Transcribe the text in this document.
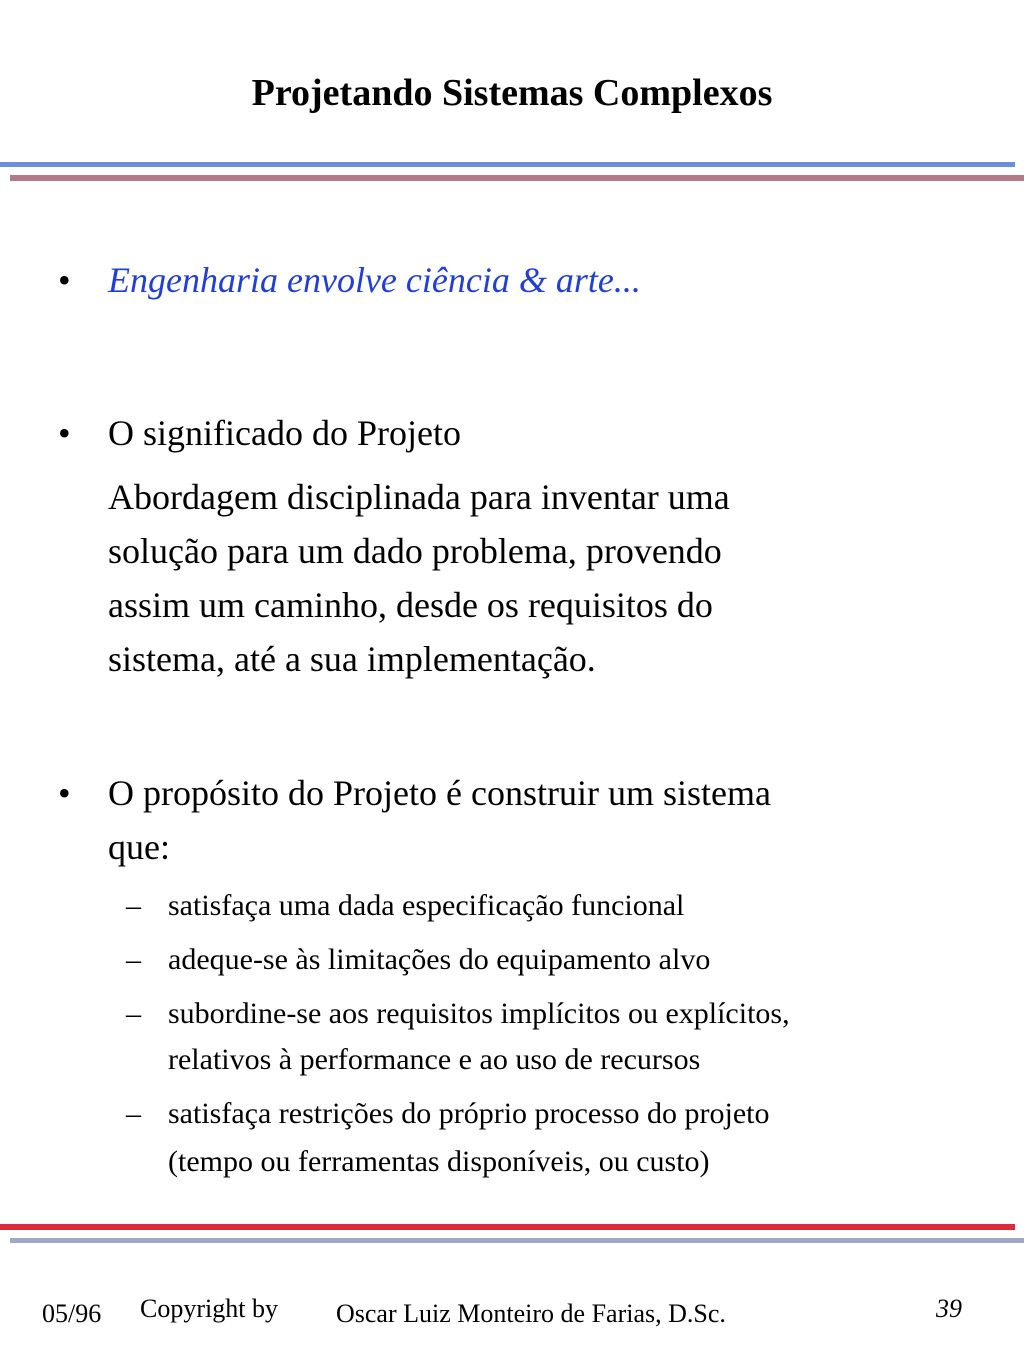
Projetando Sistemas Complexos
• Engenharia envolve ciência & arte...
• O significado do Projeto
Abordagem disciplinada para inventar uma
solução para um dado problema, provendo
assim um caminho, desde os requisitos do
sistema, até a sua implementação.
• O propósito do Projeto é construir um sistema
que:
– satisfaça uma dada especificação funcional
– adeque-se às limitações do equipamento alvo
– subordine-se aos requisitos implícitos ou explícitos,
relativos à performance e ao uso de recursos
– satisfaça restrições do próprio processo do projeto
(tempo ou ferramentas disponíveis, ou custo)
05/96 Copyright by Oscar Luiz Monteiro de Farias, D.Sc.	39
